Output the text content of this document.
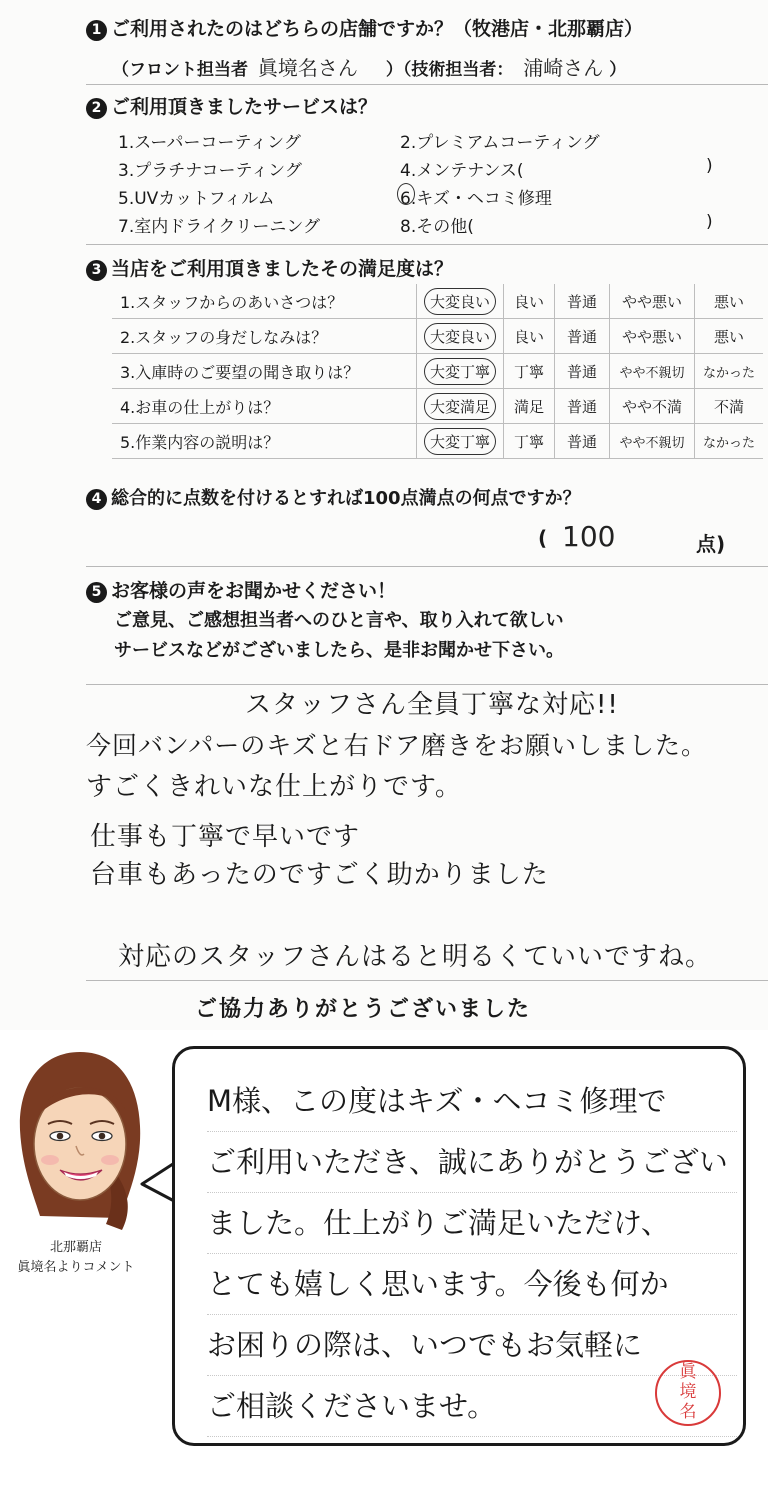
1 ご利用されたのはどちらの店舗ですか？（牧港店・北那覇店）
（フロント担当者 眞境名さん ）（技術担当者： 浦崎さん ）
2 ご利用頂きましたサービスは？
1.スーパーコーティング	2.プレミアムコーティング
3.プラチナコーティング	4.メンテナンス(	)
5.UVカットフィルム	6.キズ・ヘコミ修理
7.室内ドライクリーニング	8.その他(	)
3 当店をご利用頂きましたその満足度は？
1.スタッフからのあいさつは？	大変良い	良い	普通	やや悪い	悪い
2.スタッフの身だしなみは？	大変良い	良い	普通	やや悪い	悪い
3.入庫時のご要望の聞き取りは？	大変丁寧	丁寧	普通	やや不親切	なかった
4.お車の仕上がりは？	大変満足	満足	普通	やや不満	不満
5.作業内容の説明は？	大変丁寧	丁寧	普通	やや不親切	なかった
4 総合的に点数を付けるとすれば100点満点の何点ですか？
( 100	点)
5 お客様の声をお聞かせください！
ご意見、ご感想担当者へのひと言や、取り入れて欲しい
サービスなどがございましたら、是非お聞かせ下さい。
スタッフさん全員丁寧な対応!!
今回バンパーのキズと右ドア磨きをお願いしました。
すごくきれいな仕上がりです。
仕事も丁寧で早いです
台車もあったのですごく助かりました
対応のスタッフさんはると明るくていいですね。
ご協力ありがとうございました
北那覇店
眞境名よりコメント
M様、この度はキズ・ヘコミ修理で
ご利用いただき、誠にありがとうござい
ました。仕上がりご満足いただけ、
とても嬉しく思います。今後も何か
お困りの際は、いつでもお気軽に
ご相談くださいませ。
眞
境
名
